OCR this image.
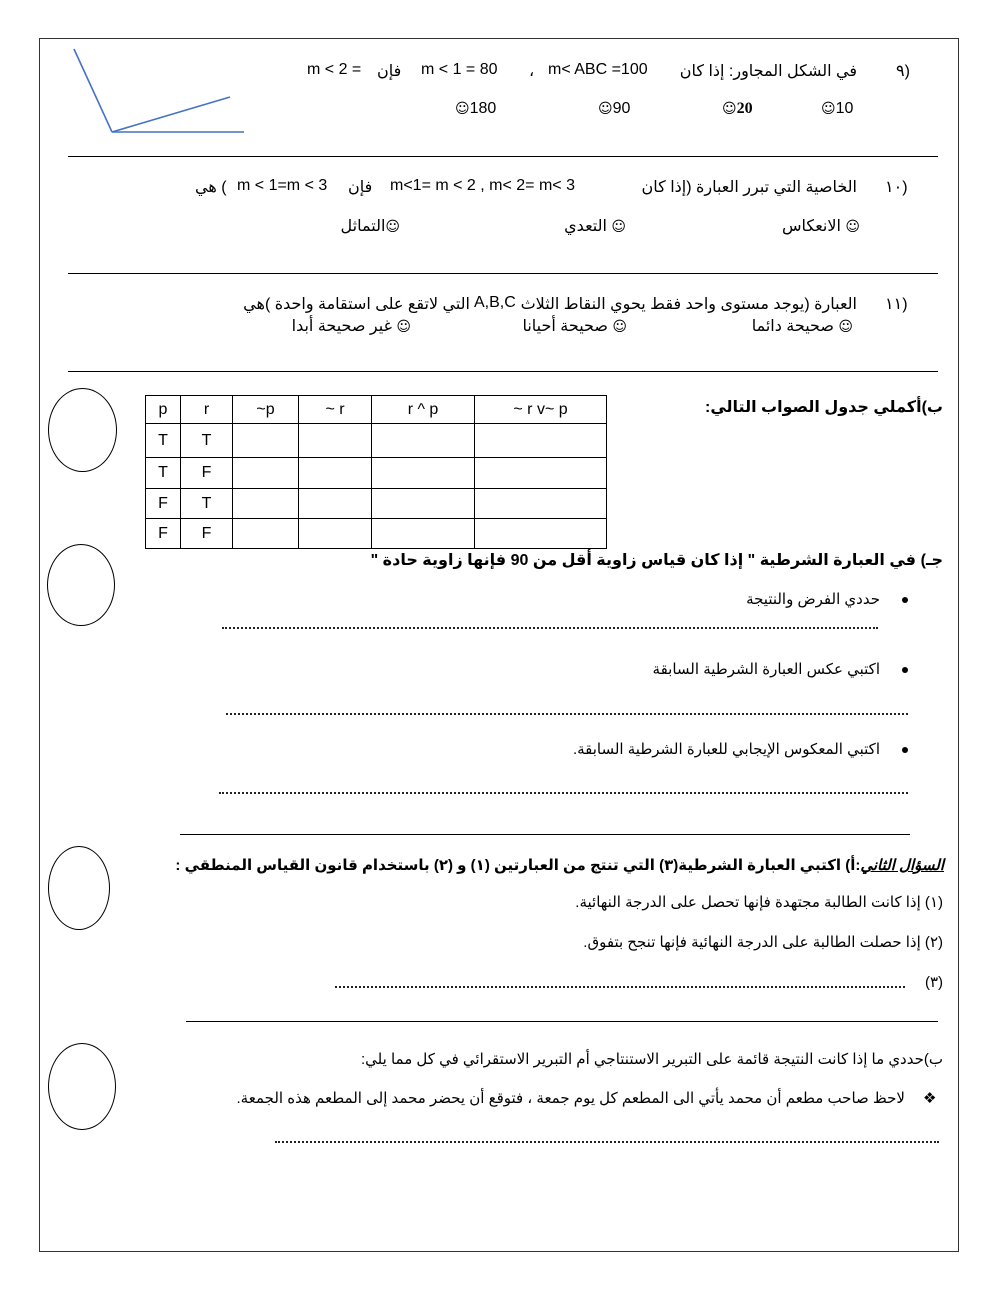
٩)
في الشكل المجاور: إذا كان
m< ABC =100
،
m < 1 = 80
فإن
m < 2 =
10☺
20☺
90☺
180☺
١٠)
الخاصية التي تبرر العبارة (إذا كان
m<1= m < 2 , m< 2= m< 3
فإن
m < 1=m < 3
) هي
☺ الانعكاس
☺ التعدي
☺التماثل
١١)
العبارة (يوجد مستوى واحد فقط يحوي النقاط الثلاث
A,B,C
التي لاتقع على استقامة واحدة )هي
☺ صحيحة دائما
☺ صحيحة أحيانا
☺ غير صحيحة أبدا
ب)أكملي جدول الصواب التالي:
p	r	~p	~ r	r ^ p	~ r v~ p
T	T				
T	F				
F	T				
F	F				
جـ)
في العبارة الشرطية " إذا كان قياس زاوية أقل من 90 فإنها زاوية حادة "
حددي الفرض والنتيجة
اكتبي عكس العبارة الشرطية السابقة
اكتبي المعكوس الإيجابي للعبارة الشرطية السابقة.
السؤال الثاني:أ) اكتبي العبارة الشرطية(٣) التي تنتج من العبارتين (١) و (٢) باستخدام قانون القياس المنطقي :
(١) إذا كانت الطالبة مجتهدة فإنها تحصل على الدرجة النهائية.
(٢) إذا حصلت الطالبة على الدرجة النهائية فإنها تنجح بتفوق.
(٣)
ب)حددي ما إذا كانت النتيجة قائمة على التبرير الاستنتاجي أم التبرير الاستقرائي في كل مما يلي:
❖
لاحظ صاحب مطعم أن محمد يأتي الى المطعم كل يوم جمعة ، فتوقع أن يحضر محمد إلى المطعم هذه الجمعة.
